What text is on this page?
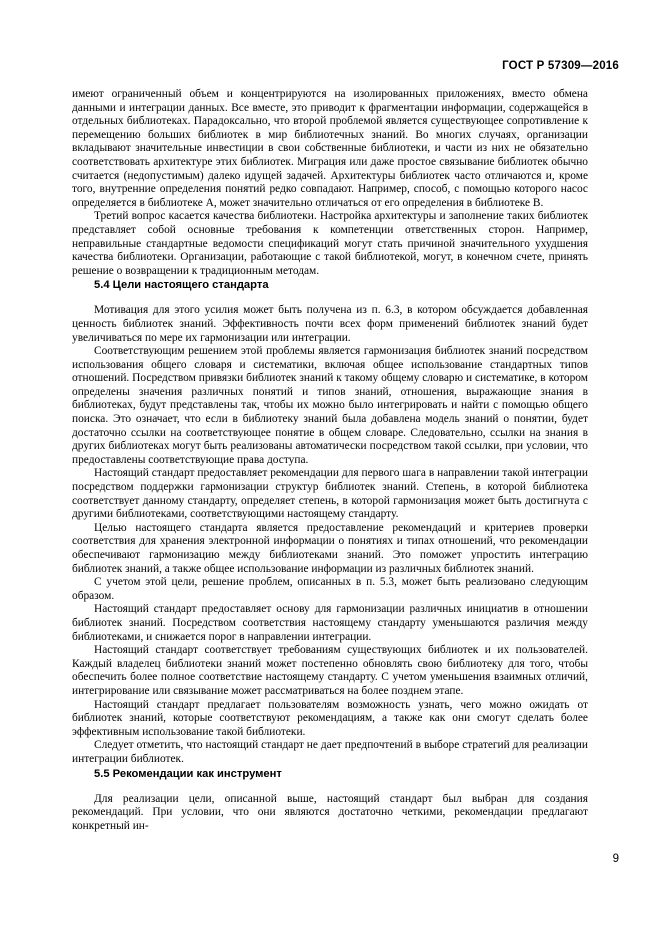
ГОСТ Р 57309—2016

имеют ограниченный объем и концентрируются на изолированных приложениях, вместо обмена данными и интеграции данных. Все вместе, это приводит к фрагментации информации, содержащейся в отдельных библиотеках. Парадоксально, что второй проблемой является существующее сопротивление к перемещению больших библиотек в мир библиотечных знаний. Во многих случаях, организации вкладывают значительные инвестиции в свои собственные библиотеки, и части из них не обязательно соответствовать архитектуре этих библиотек. Миграция или даже простое связывание библиотек обычно считается (недопустимым) далеко идущей задачей. Архитектуры библиотек часто отличаются и, кроме того, внутренние определения понятий редко совпадают. Например, способ, с помощью которого насос определяется в библиотеке А, может значительно отличаться от его определения в библиотеке В.

Третий вопрос касается качества библиотеки. Настройка архитектуры и заполнение таких библиотек представляет собой основные требования к компетенции ответственных сторон. Например, неправильные стандартные ведомости спецификаций могут стать причиной значительного ухудшения качества библиотеки. Организации, работающие с такой библиотекой, могут, в конечном счете, принять решение о возвращении к традиционным методам.

5.4 Цели настоящего стандарта

Мотивация для этого усилия может быть получена из п. 6.3, в котором обсуждается добавленная ценность библиотек знаний. Эффективность почти всех форм применений библиотек знаний будет увеличиваться по мере их гармонизации или интеграции.

Соответствующим решением этой проблемы является гармонизация библиотек знаний посредством использования общего словаря и систематики, включая общее использование стандартных типов отношений. Посредством привязки библиотек знаний к такому общему словарю и систематике, в котором определены значения различных понятий и типов знаний, отношения, выражающие знания в библиотеках, будут представлены так, чтобы их можно было интегрировать и найти с помощью общего поиска. Это означает, что если в библиотеку знаний была добавлена модель знаний о понятии, будет достаточно ссылки на соответствующее понятие в общем словаре. Следовательно, ссылки на знания в других библиотеках могут быть реализованы автоматически посредством такой ссылки, при условии, что предоставлены соответствующие права доступа.

Настоящий стандарт предоставляет рекомендации для первого шага в направлении такой интеграции посредством поддержки гармонизации структур библиотек знаний. Степень, в которой библиотека соответствует данному стандарту, определяет степень, в которой гармонизация может быть достигнута с другими библиотеками, соответствующими настоящему стандарту.

Целью настоящего стандарта является предоставление рекомендаций и критериев проверки соответствия для хранения электронной информации о понятиях и типах отношений, что рекомендации обеспечивают гармонизацию между библиотеками знаний. Это поможет упростить интеграцию библиотек знаний, а также общее использование информации из различных библиотек знаний.

С учетом этой цели, решение проблем, описанных в п. 5.3, может быть реализовано следующим образом.

Настоящий стандарт предоставляет основу для гармонизации различных инициатив в отношении библиотек знаний. Посредством соответствия настоящему стандарту уменьшаются различия между библиотеками, и снижается порог в направлении интеграции.

Настоящий стандарт соответствует требованиям существующих библиотек и их пользователей. Каждый владелец библиотеки знаний может постепенно обновлять свою библиотеку для того, чтобы обеспечить более полное соответствие настоящему стандарту. С учетом уменьшения взаимных отличий, интегрирование или связывание может рассматриваться на более позднем этапе.

Настоящий стандарт предлагает пользователям возможность узнать, чего можно ожидать от библиотек знаний, которые соответствуют рекомендациям, а также как они смогут сделать более эффективным использование такой библиотеки.

Следует отметить, что настоящий стандарт не дает предпочтений в выборе стратегий для реализации интеграции библиотек.

5.5 Рекомендации как инструмент

Для реализации цели, описанной выше, настоящий стандарт был выбран для создания рекомендаций. При условии, что они являются достаточно четкими, рекомендации предлагают конкретный ин-

9
